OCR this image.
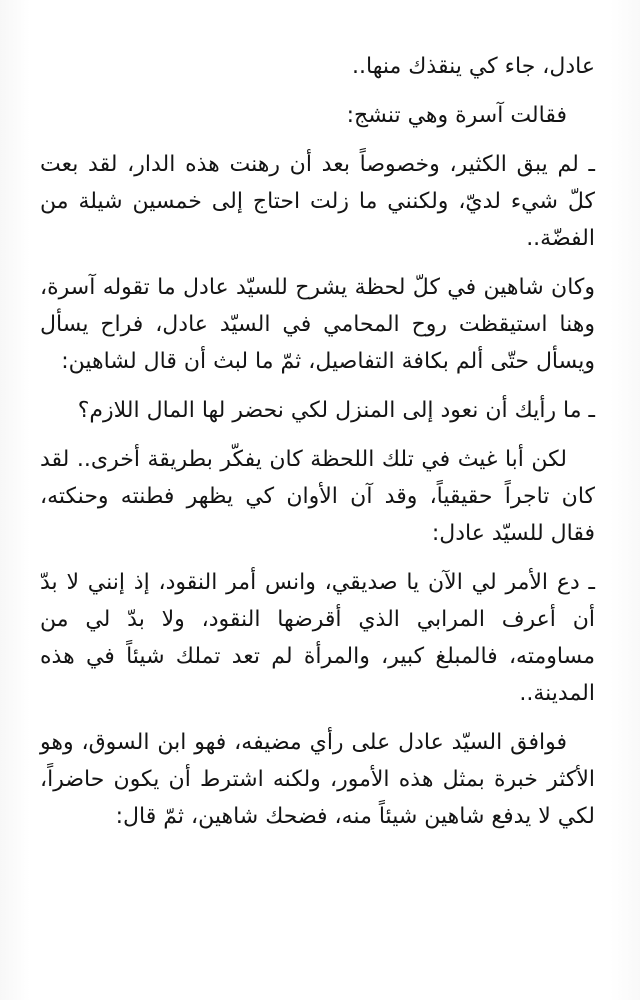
عادل، جاء كي ينقذك منها..

فقالت آسرة وهي تنشج:

ـ لم يبق الكثير، وخصوصاً بعد أن رهنت هذه الدار، لقد بعت كلّ شيء لديّ، ولكنني ما زلت احتاج إلى خمسين شيلة من الفضّة..

وكان شاهين في كلّ لحظة يشرح للسيّد عادل ما تقوله آسرة، وهنا استيقظت روح المحامي في السيّد عادل، فراح يسأل ويسأل حتّى ألم بكافة التفاصيل، ثمّ ما لبث أن قال لشاهين:

ـ ما رأيك أن نعود إلى المنزل لكي نحضر لها المال اللازم؟

لكن أبا غيث في تلك اللحظة كان يفكّر بطريقة أخرى.. لقد كان تاجراً حقيقياً، وقد آن الأوان كي يظهر فطنته وحنكته، فقال للسيّد عادل:

ـ دع الأمر لي الآن يا صديقي، وانس أمر النقود، إذ إنني لا بدّ أن أعرف المرابي الذي أقرضها النقود، ولا بدّ لي من مساومته، فالمبلغ كبير، والمرأة لم تعد تملك شيئاً في هذه المدينة..

فوافق السيّد عادل على رأي مضيفه، فهو ابن السوق، وهو الأكثر خبرة بمثل هذه الأمور، ولكنه اشترط أن يكون حاضراً، لكي لا يدفع شاهين شيئاً منه، فضحك شاهين، ثمّ قال:
